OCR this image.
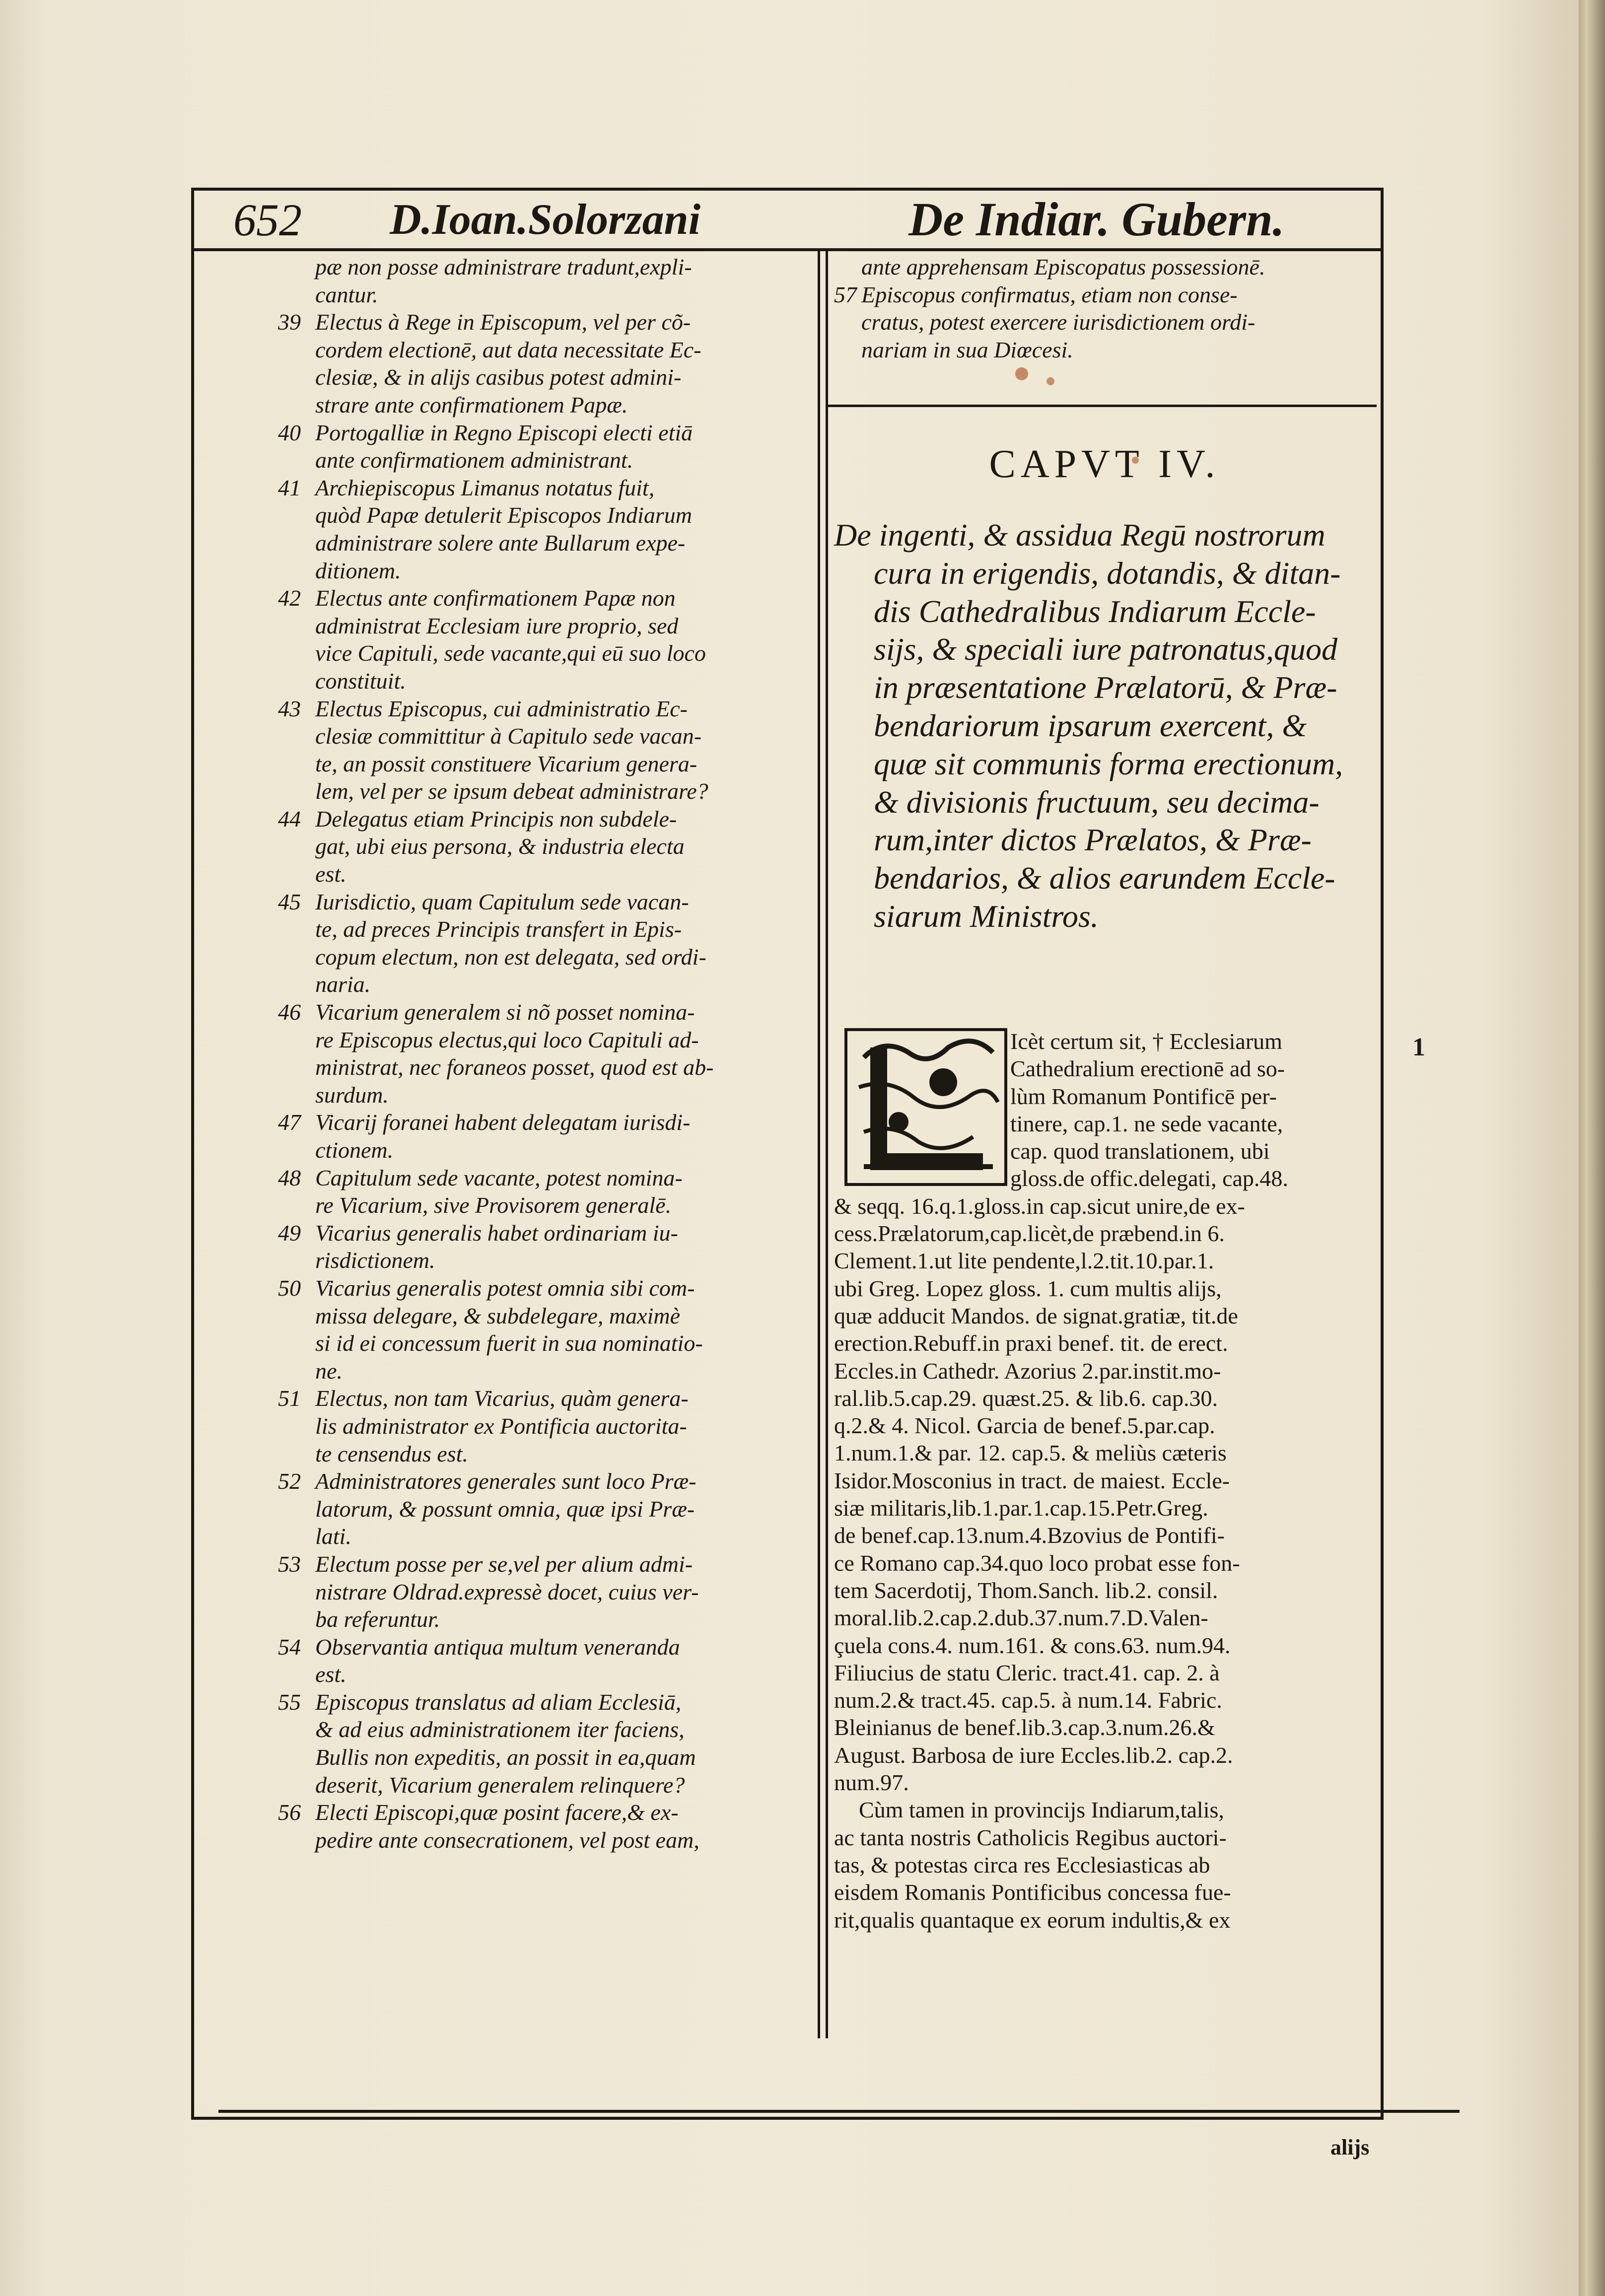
652 D.Ioan.Solorzani	De Indiar. Gubern.
pæ non posse administrare tradunt,expli-
cantur.
39 Electus à Rege in Episcopum, vel per cõ-
cordem electionē, aut data necessitate Ec-
clesiæ, & in alijs casibus potest admini-
strare ante confirmationem Papæ.
40 Portogalliæ in Regno Episcopi electi etiā
ante confirmationem administrant.
41 Archiepiscopus Limanus notatus fuit,
quòd Papæ detulerit Episcopos Indiarum
administrare solere ante Bullarum expe-
ditionem.
42 Electus ante confirmationem Papæ non
administrat Ecclesiam iure proprio, sed
vice Capituli, sede vacante,qui eū suo loco
constituit.
43 Electus Episcopus, cui administratio Ec-
clesiæ committitur à Capitulo sede vacan-
te, an possit constituere Vicarium genera-
lem, vel per se ipsum debeat administrare?
44 Delegatus etiam Principis non subdele-
gat, ubi eius persona, & industria electa
est.
45 Iurisdictio, quam Capitulum sede vacan-
te, ad preces Principis transfert in Epis-
copum electum, non est delegata, sed ordi-
naria.
46 Vicarium generalem si nõ posset nomina-
re Episcopus electus,qui loco Capituli ad-
ministrat, nec foraneos posset, quod est ab-
surdum.
47 Vicarij foranei habent delegatam iurisdi-
ctionem.
48 Capitulum sede vacante, potest nomina-
re Vicarium, sive Provisorem generalē.
49 Vicarius generalis habet ordinariam iu-
risdictionem.
50 Vicarius generalis potest omnia sibi com-
missa delegare, & subdelegare, maximè
si id ei concessum fuerit in sua nominatio-
ne.
51 Electus, non tam Vicarius, quàm genera-
lis administrator ex Pontificia auctorita-
te censendus est.
52 Administratores generales sunt loco Præ-
latorum, & possunt omnia, quæ ipsi Præ-
lati.
53 Electum posse per se,vel per alium admi-
nistrare Oldrad.expressè docet, cuius ver-
ba referuntur.
54 Observantia antiqua multum veneranda
est.
55 Episcopus translatus ad aliam Ecclesiā,
& ad eius administrationem iter faciens,
Bullis non expeditis, an possit in ea,quam
deserit, Vicarium generalem relinquere?
56 Electi Episcopi,quæ posint facere,& ex-
pedire ante consecrationem, vel post eam,
ante apprehensam Episcopatus possessionē.
57 Episcopus confirmatus, etiam non conse-
cratus, potest exercere iurisdictionem ordi-
nariam in sua Diœcesi.
CAPVT IV.
De ingenti, & assidua Regū nostrorum
cura in erigendis, dotandis, & ditan-
dis Cathedralibus Indiarum Eccle-
sijs, & speciali iure patronatus,quod
in præsentatione Prælatorū, & Præ-
bendariorum ipsarum exercent, &
quæ sit communis forma erectionum,
& divisionis fructuum, seu decima-
rum,inter dictos Prælatos, & Præ-
bendarios, & alios earundem Eccle-
siarum Ministros.
1
Icèt certum sit, † Ecclesiarum
Cathedralium erectionē ad so-
lùm Romanum Pontificē per-
tinere, cap.1. ne sede vacante,
cap. quod translationem, ubi
gloss.de offic.delegati, cap.48.
& seqq. 16.q.1.gloss.in cap.sicut unire,de ex-
cess.Prælatorum,cap.licèt,de præbend.in 6.
Clement.1.ut lite pendente,l.2.tit.10.par.1.
ubi Greg. Lopez gloss. 1. cum multis alijs,
quæ adducit Mandos. de signat.gratiæ, tit.de
erection.Rebuff.in praxi benef. tit. de erect.
Eccles.in Cathedr. Azorius 2.par.instit.mo-
ral.lib.5.cap.29. quæst.25. & lib.6. cap.30.
q.2.& 4. Nicol. Garcia de benef.5.par.cap.
1.num.1.& par. 12. cap.5. & meliùs cæteris
Isidor.Mosconius in tract. de maiest. Eccle-
siæ militaris,lib.1.par.1.cap.15.Petr.Greg.
de benef.cap.13.num.4.Bzovius de Pontifi-
ce Romano cap.34.quo loco probat esse fon-
tem Sacerdotij, Thom.Sanch. lib.2. consil.
moral.lib.2.cap.2.dub.37.num.7.D.Valen-
çuela cons.4. num.161. & cons.63. num.94.
Filiucius de statu Cleric. tract.41. cap. 2. à
num.2.& tract.45. cap.5. à num.14. Fabric.
Bleinianus de benef.lib.3.cap.3.num.26.&
August. Barbosa de iure Eccles.lib.2. cap.2.
num.97.
Cùm tamen in provincijs Indiarum,talis,
ac tanta nostris Catholicis Regibus auctori-
tas, & potestas circa res Ecclesiasticas ab
eisdem Romanis Pontificibus concessa fue-
rit,qualis quantaque ex eorum indultis,& ex
alijs
